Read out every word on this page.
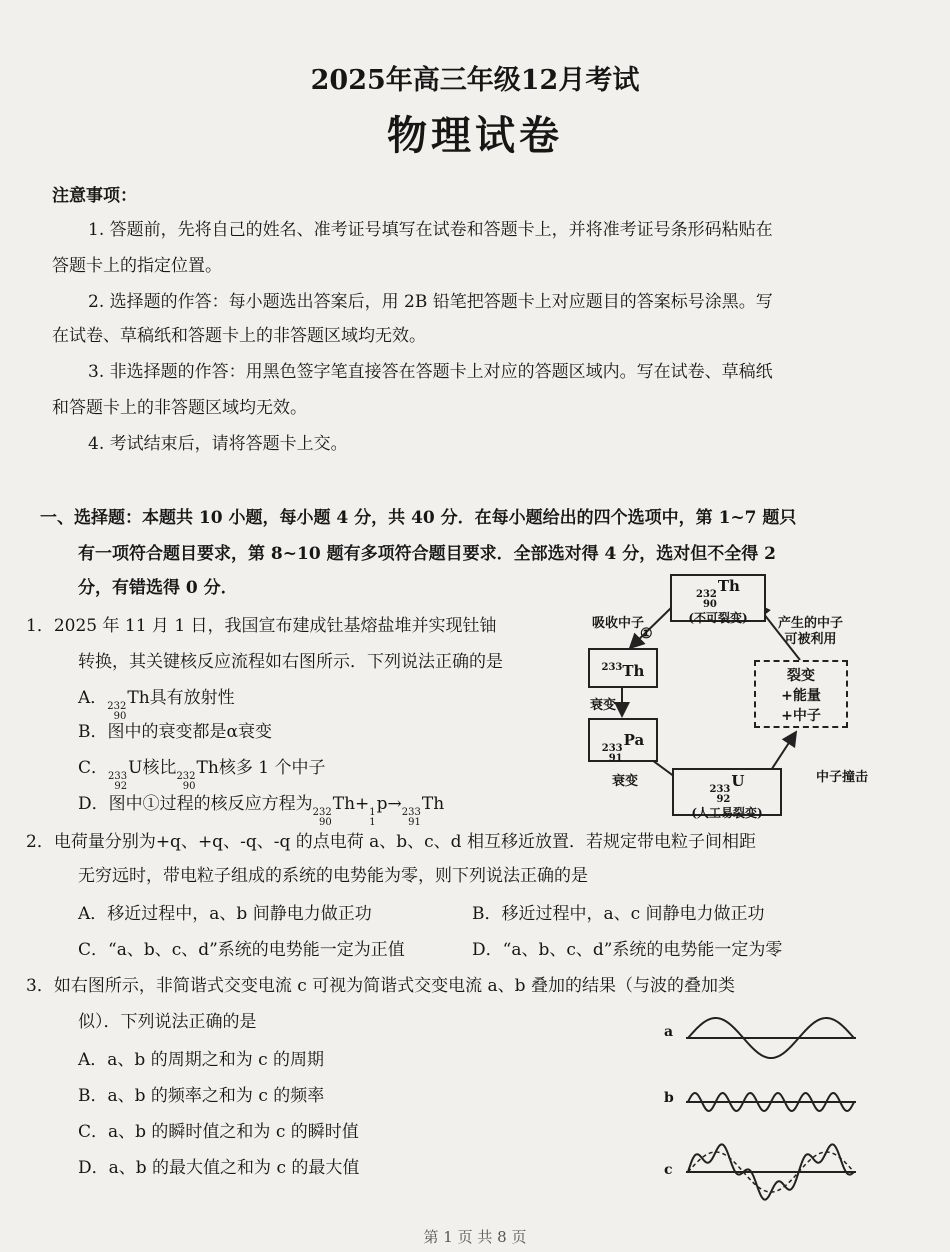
2025年高三年级12月考试
物理试卷
注意事项：
1. 答题前，先将自己的姓名、准考证号填写在试卷和答题卡上，并将准考证号条形码粘贴在
答题卡上的指定位置。
2. 选择题的作答：每小题选出答案后，用 2B 铅笔把答题卡上对应题目的答案标号涂黑。写
在试卷、草稿纸和答题卡上的非答题区域均无效。
3. 非选择题的作答：用黑色签字笔直接答在答题卡上对应的答题区域内。写在试卷、草稿纸
和答题卡上的非答题区域均无效。
4. 考试结束后，请将答题卡上交。
一、选择题：本题共 10 小题，每小题 4 分，共 40 分．在每小题给出的四个选项中，第 1~7 题只
有一项符合题目要求，第 8~10 题有多项符合题目要求．全部选对得 4 分，选对但不全得 2
分，有错选得 0 分．
1．2025 年 11 月 1 日，我国宣布建成钍基熔盐堆并实现钍铀
转换，其关键核反应流程如右图所示．下列说法正确的是
A． 232
90
Th具有放射性
B．图中的衰变都是α衰变
C． 233
92
U核比 232
90
Th核多 1 个中子
D．图中①过程的核反应方程为 232
90
Th+ 1
1
p→ 233
91
Th
232
90
Th
(不可裂变)
$^{233}$Th
233
91
Pa
233
92
U
(人工易裂变)
裂变
+能量
+中子
吸收中子
①
衰变
衰变	中子撞击
产生的中子
可被利用
2．电荷量分别为+q、+q、-q、-q 的点电荷 a、b、c、d 相互移近放置．若规定带电粒子间相距
无穷远时，带电粒子组成的系统的电势能为零，则下列说法正确的是
A．移近过程中，a、b 间静电力做正功	B．移近过程中，a、c 间静电力做正功
C．“a、b、c、d”系统的电势能一定为正值	D．“a、b、c、d”系统的电势能一定为零
3．如右图所示，非简谐式交变电流 c 可视为简谐式交变电流 a、b 叠加的结果（与波的叠加类
似）．下列说法正确的是
A．a、b 的周期之和为 c 的周期
B．a、b 的频率之和为 c 的频率
C．a、b 的瞬时值之和为 c 的瞬时值
D．a、b 的最大值之和为 c 的最大值
a
b
c
第 1 页 共 8 页
